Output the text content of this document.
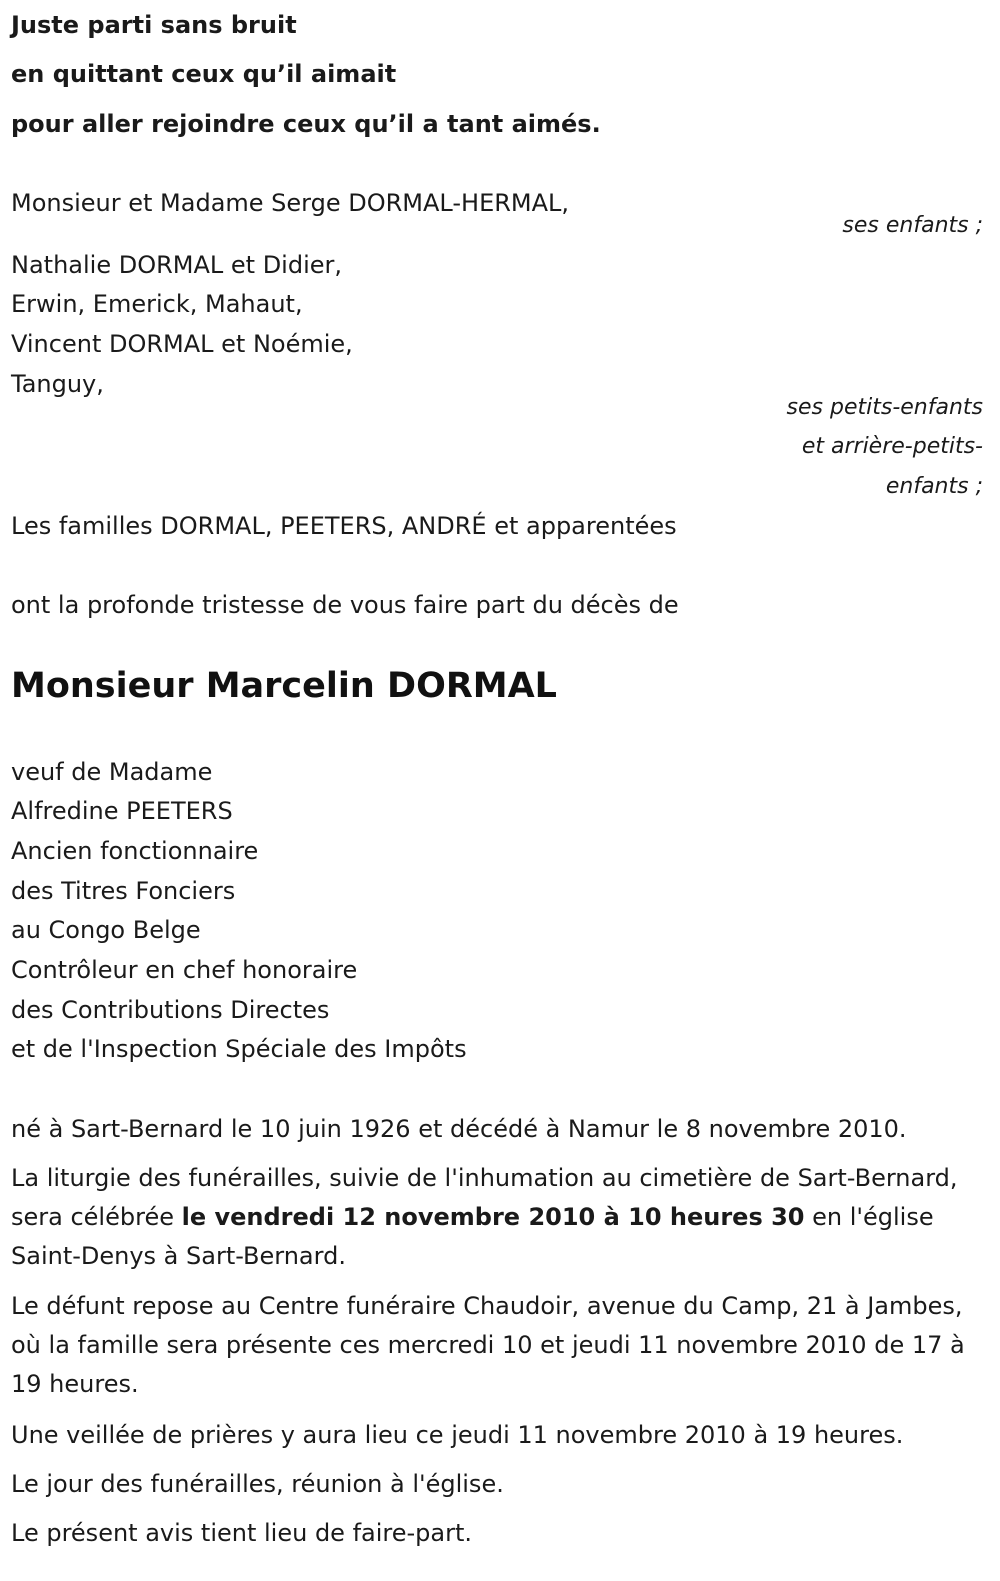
Juste parti sans bruit
en quittant ceux qu’il aimait
pour aller rejoindre ceux qu’il a tant aimés.
Monsieur et Madame Serge DORMAL-HERMAL,
ses enfants ;
Nathalie DORMAL et Didier,
Erwin, Emerick, Mahaut,
Vincent DORMAL et Noémie,
Tanguy,
ses petits-enfants
et arrière-petits-
enfants ;
Les familles DORMAL, PEETERS, ANDRÉ et apparentées
ont la profonde tristesse de vous faire part du décès de
Monsieur Marcelin DORMAL
veuf de Madame
Alfredine PEETERS
Ancien fonctionnaire
des Titres Fonciers
au Congo Belge
Contrôleur en chef honoraire
des Contributions Directes
et de l'Inspection Spéciale des Impôts
né à Sart-Bernard le 10 juin 1926 et décédé à Namur le 8 novembre 2010.
La liturgie des funérailles, suivie de l'inhumation au cimetière de Sart-Bernard, sera célébrée le vendredi 12 novembre 2010 à 10 heures 30 en l'église Saint-Denys à Sart-Bernard.
Le défunt repose au Centre funéraire Chaudoir, avenue du Camp, 21 à Jambes, où la famille sera présente ces mercredi 10 et jeudi 11 novembre 2010 de 17 à 19 heures.
Une veillée de prières y aura lieu ce jeudi 11 novembre 2010 à 19 heures.
Le jour des funérailles, réunion à l'église.
Le présent avis tient lieu de faire-part.
